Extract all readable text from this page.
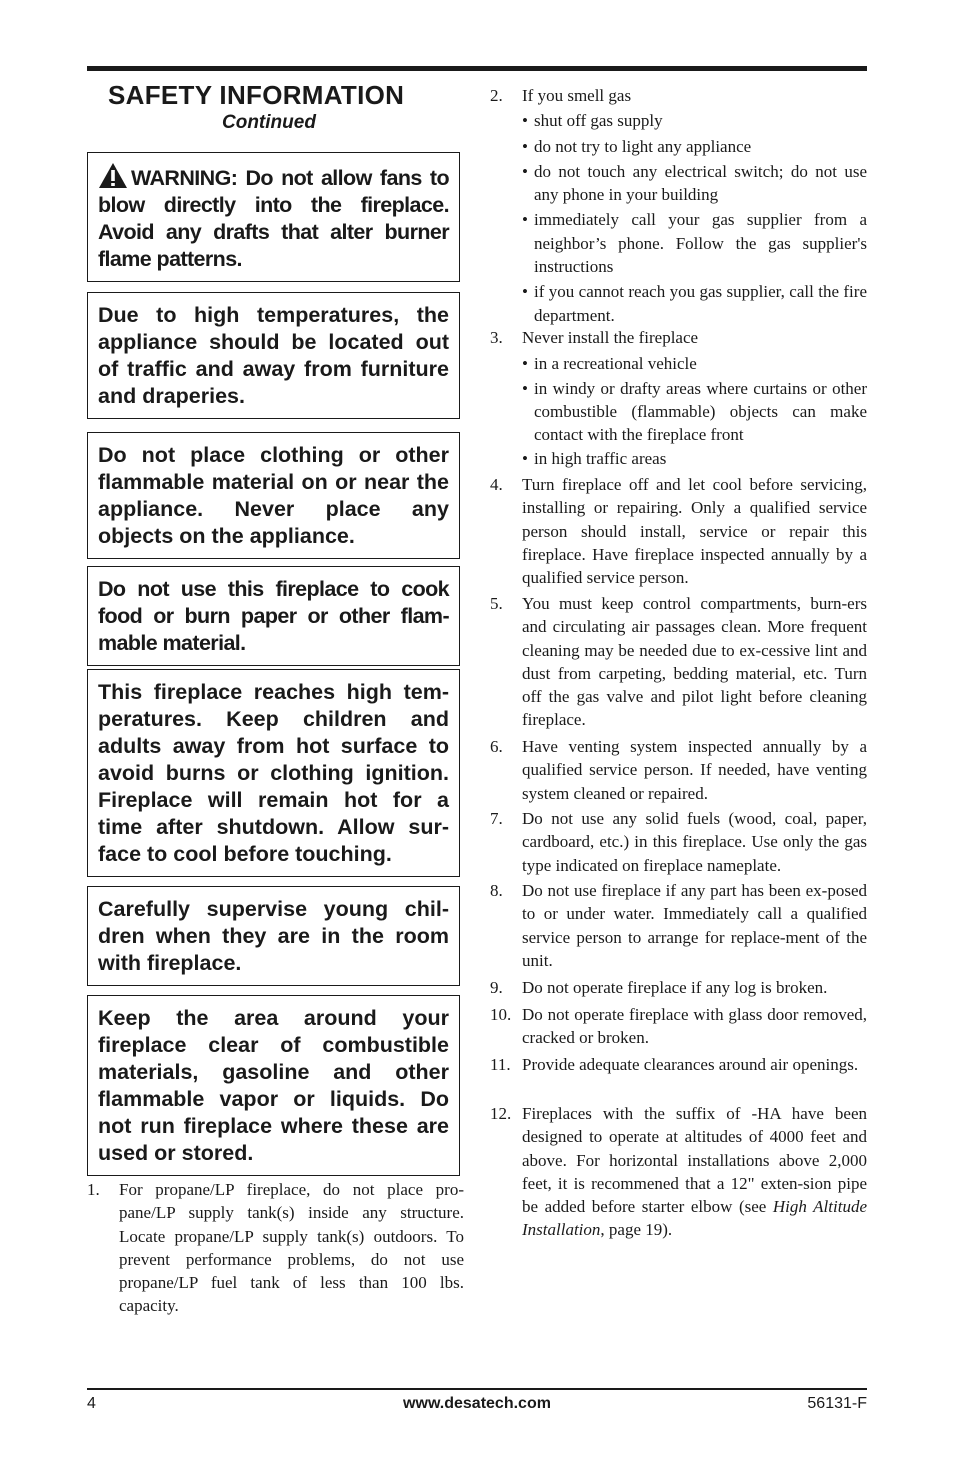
SAFETY INFORMATION
Continued
WARNING: Do not allow fans to blow directly into the fireplace. Avoid any drafts that alter burner flame patterns.
Due to high temperatures, the appliance should be located out of traffic and away from furniture and draperies.
Do not place clothing or other flammable material on or near the appliance. Never place any objects on the appliance.
Do not use this fireplace to cook food or burn paper or other flam-mable material.
This fireplace reaches high tem-peratures. Keep children and adults away from hot surface to avoid burns or clothing ignition. Fireplace will remain hot for a time after shutdown. Allow sur-face to cool before touching.
Carefully supervise young chil-dren when they are in the room with fireplace.
Keep the area around your fireplace clear of combustible materials, gasoline and other flammable vapor or liquids. Do not run fireplace where these are used or stored.
1. For propane/LP fireplace, do not place pro-pane/LP supply tank(s) inside any structure. Locate propane/LP supply tank(s) outdoors. To prevent performance problems, do not use propane/LP fuel tank of less than 100 lbs. capacity.
2. If you smell gas
• shut off gas supply
• do not try to light any appliance
• do not touch any electrical switch; do not use any phone in your building
• immediately call your gas supplier from a neighbor’s phone. Follow the gas supplier's instructions
• if you cannot reach you gas supplier, call the fire department.
3. Never install the fireplace
• in a recreational vehicle
• in windy or drafty areas where curtains or other combustible (flammable) objects can make contact with the fireplace front
• in high traffic areas
4. Turn fireplace off and let cool before servicing, installing or repairing. Only a qualified service person should install, service or repair this fireplace. Have fireplace inspected annually by a qualified service person.
5. You must keep control compartments, burn-ers and circulating air passages clean. More frequent cleaning may be needed due to ex-cessive lint and dust from carpeting, bedding material, etc. Turn off the gas valve and pilot light before cleaning fireplace.
6. Have venting system inspected annually by a qualified service person. If needed, have venting system cleaned or repaired.
7. Do not use any solid fuels (wood, coal, paper, cardboard, etc.) in this fireplace. Use only the gas type indicated on fireplace nameplate.
8. Do not use fireplace if any part has been ex-posed to or under water. Immediately call a qualified service person to arrange for replace-ment of the unit.
9. Do not operate fireplace if any log is broken.
10. Do not operate fireplace with glass door removed, cracked or broken.
11. Provide adequate clearances around air openings.
12. Fireplaces with the suffix of -HA have been designed to operate at altitudes of 4000 feet and above. For horizontal installations above 2,000 feet, it is recommened that a 12" exten-sion pipe be added before starter elbow (see High Altitude Installation, page 19).
4	www.desatech.com	56131-F
